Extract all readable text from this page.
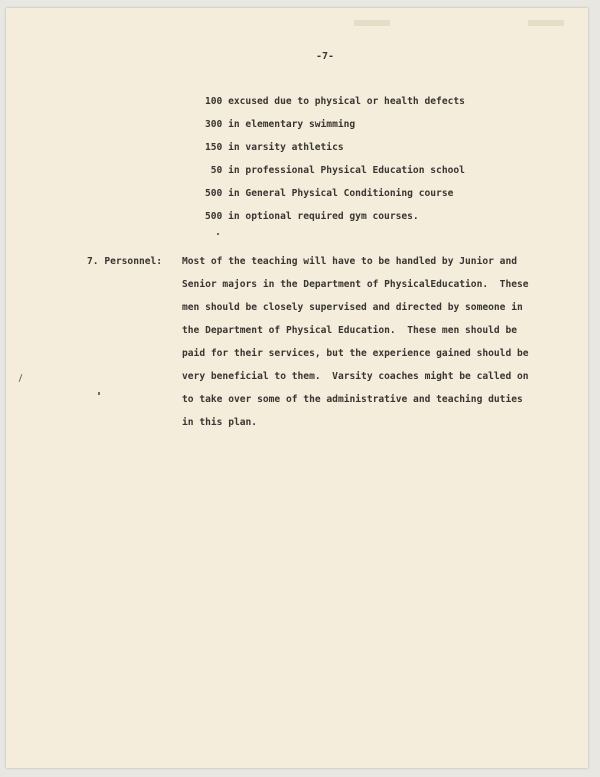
-7-
100 excused due to physical or health defects
300 in elementary swimming
150 in varsity athletics
50 in professional Physical Education school
500 in General Physical Conditioning course
500 in optional required gym courses.
7. Personnel: Most of the teaching will have to be handled by Junior and
Senior majors in the Department of PhysicalEducation.  These
men should be closely supervised and directed by someone in
the Department of Physical Education.  These men should be
paid for their services, but the experience gained should be
very beneficial to them.  Varsity coaches might be called on
to take over some of the administrative and teaching duties
in this plan.
